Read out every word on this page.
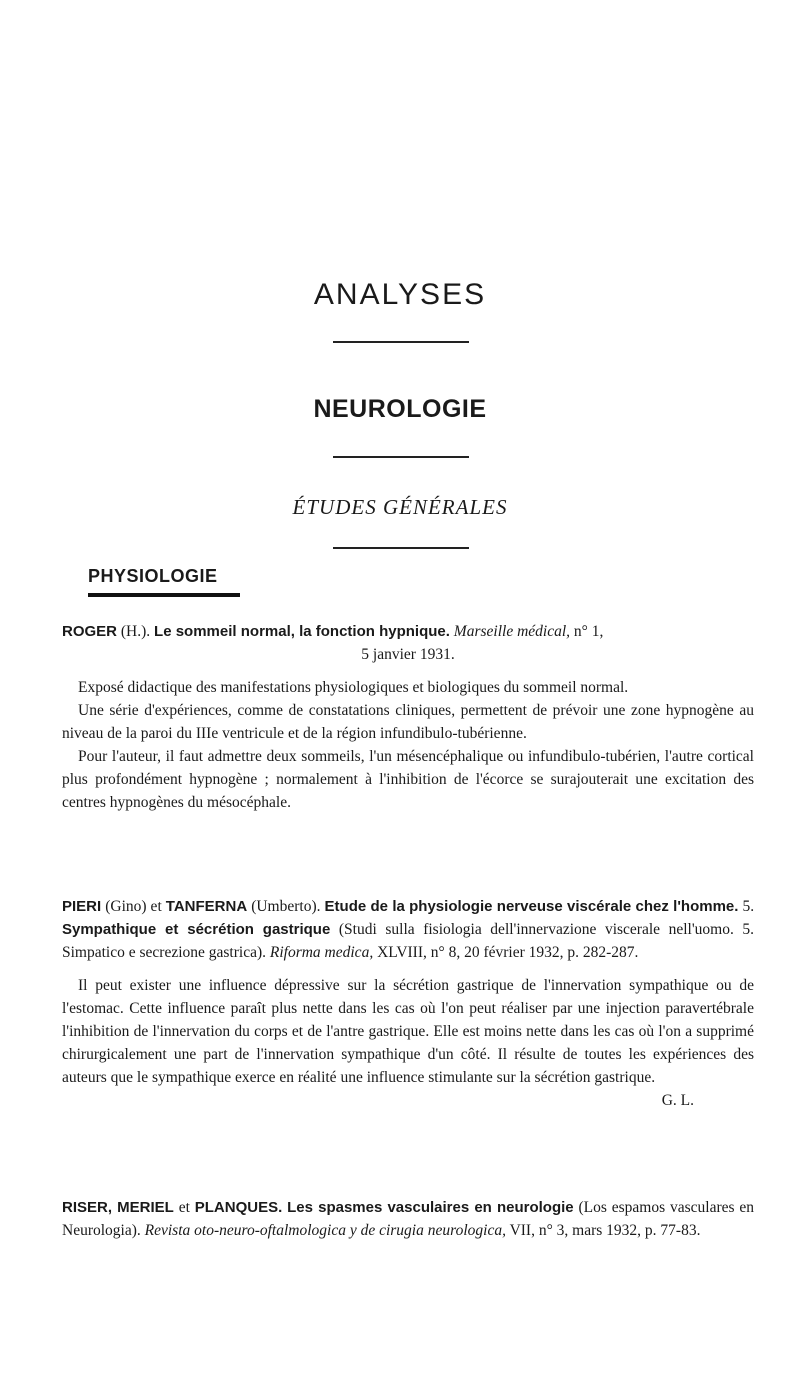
ANALYSES
NEUROLOGIE
ÉTUDES GÉNÉRALES
PHYSIOLOGIE
ROGER (H.). Le sommeil normal, la fonction hypnique. Marseille médical, n° 1,
5 janvier 1931.

Exposé didactique des manifestations physiologiques et biologiques du sommeil normal.

Une série d'expériences, comme de constatations cliniques, permettent de prévoir une zone hypnogène au niveau de la paroi du IIIe ventricule et de la région infundibulo-tubérienne.

Pour l'auteur, il faut admettre deux sommeils, l'un mésencéphalique ou infundibulo-tubérien, l'autre cortical plus profondément hypnogène ; normalement à l'inhibition de l'écorce se surajouterait une excitation des centres hypnogènes du mésocéphale.

PIERI (Gino) et TANFERNA (Umberto). Etude de la physiologie nerveuse viscérale chez l'homme. 5. Sympathique et sécrétion gastrique (Studi sulla fisiologia dell'innervazione viscerale nell'uomo. 5. Simpatico e secrezione gastrica). Riforma medica, XLVIII, n° 8, 20 février 1932, p. 282-287.

Il peut exister une influence dépressive sur la sécrétion gastrique de l'innervation sympathique ou de l'estomac. Cette influence paraît plus nette dans les cas où l'on peut réaliser par une injection paravertébrale l'inhibition de l'innervation du corps et de l'antre gastrique. Elle est moins nette dans les cas où l'on a supprimé chirurgicalement une part de l'innervation sympathique d'un côté. Il résulte de toutes les expériences des auteurs que le sympathique exerce en réalité une influence stimulante sur la sécrétion gastrique.
G. L.

RISER, MERIEL et PLANQUES. Les spasmes vasculaires en neurologie (Los espamos vasculares en Neurologia). Revista oto-neuro-oftalmologica y de cirugia neurologica, VII, n° 3, mars 1932, p. 77-83.
